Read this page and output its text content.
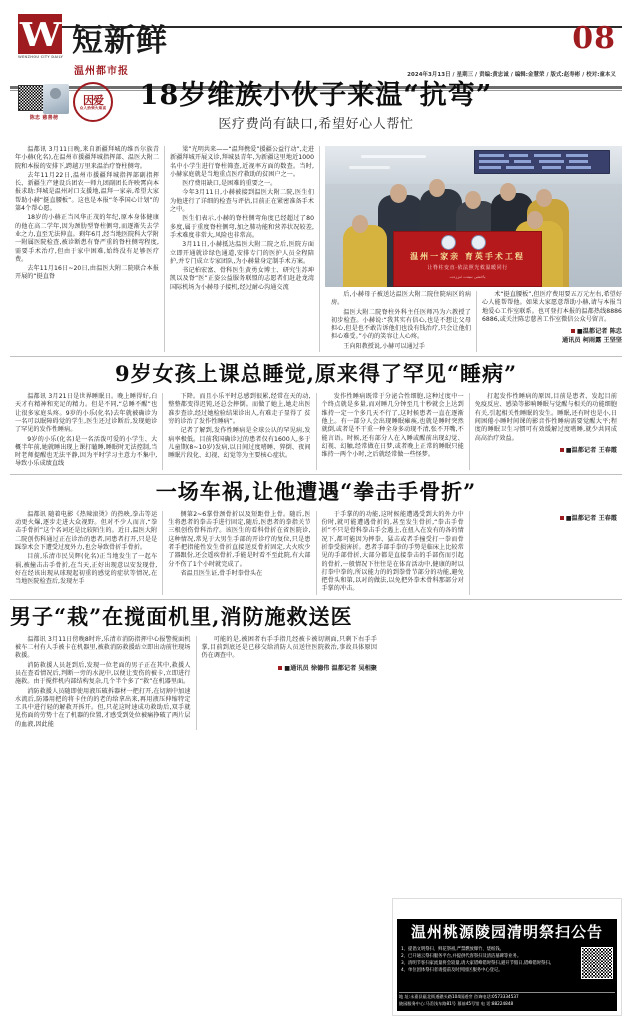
W
WENZHOU CITY DAILY 短新鲜
温州都市报
08
2024年3月13日 / 星期三 / 责编:黄忠诚 / 编辑:金慧荣 / 版式:赵寿彬 / 校对:童本义
陈忠 慈善榜
因爱
众人拾柴火焰高	18岁维族小伙子来温“抗弯”
医疗费尚有缺口,希望好心人帮忙

温都讯 3月11日晚,来自新疆拜城的维吾尔族青年小赫(化名),在温州市援疆拜城指挥部、温医大附二院和本报的安排下,跨越万里来温治疗脊柱侧弯。

去年11月22日,温州市援疆拜城指挥部副指挥长、新疆生产建设兵团农一师九团副团长许映霄向本报求助:拜城是温州对口支援地,温拜一家亲,希望大家帮助小赫“挺直腰板”。这也是本报“冬季国心计划”的第4个帮心愿。

18岁的小赫正当风华正茂的年纪,原本身体健康的他在高二学年,因为颈肋型脊柱侧弯,而逐渐失去学业之力,直至无法伸直。剩年6月,经当地医院科大学附一附属医院检查,被诊断患有脊严重的脊柱侧弯程度,需要手术治疗,但由于家中困难,始终没有足够医疗费。

去年11月16日~20日,由温医大附二院联合本报开展的“挺直脊

梁”光明共来——“温拜携爱”援疆公益行动”,走进新疆拜城开展义诊,拜城县青年,为新疆这里地近1000名中小学生进行脊柱筛查,近视率方面的数查。当时,小赫家庭就是当地重点医疗救助的贫困户之一。

医疗费用缺口,是困难的重要之一。

今年3月11日,小赫被接到温医大附二院,医生们为他进行了详细的检查与评估,目前正在紧密准备手术之中。

医生们表示,小赫的脊柱侧弯角度已经超过了80多度,属于重度脊柱侧弯,加之肺功能和营养状况较差,手术难度非常大,风险也非常高。

3月11日,小赫抵达温医大附二院之后,医院方面立即开通就诊绿色通道,安排专门的医护人员全程陪护,并专门成立专家团队,为小赫量身定制手术方案。

书记柏宏富、骨科医生黄勇女博士、研究生苏坤凯以及脊“医”正姿公益服务联盟的志愿者们赶赴龙湾国际机场为小赫母子接机,经过耐心沟通交流

温州一家亲 育英手术工程
让脊柱变直·依法照光救温暖同行
ياخشى نىيەت ئىززەت

后,小赫母子被送达温医大附二院住院病区的病房。

温医大附二院脊柱外科主任医师冯为六教授了初步检查。小赫说:“我其实有信心,也是不想让父母担心,但是也不敢告诉他们也没有钱治疗,只会让他们担心难受。”小的的笑容让人心疼。

王向阳教授说,小赫可以通过手

术“挺直腰板”,但医疗费用要五万元左右,希望好心人能帮帮他。如果大家愿意帮助小赫,请与本报当地爱心工作室联系。也可登打本报的温都热线88866886,或关注陈忠慈善工作室微信公众号留言。

■温都记者 陈忠
通讯员 柯雨露 王坚坚
9岁女孩上课总睡觉,原来得了罕见“睡病”

温都讯 3月21日是世界睡眠日。晚上睡得好,白天才有精神和充足的精力。但是不同,“总睡不醒”也让很多家庭头疼。9岁的小乐(化名)去年就被确诊为一名可以眠障碍觉的学生,医生还过诊断后,发现她诊了罕见的发作性睡病。

9岁的小乐(化名)是一名活泼可爱的小学生、大概半年前,她就睡出现上课打瞌睡,睡眠时无法控制,当时老师提醒也无法平静,因为平时学习主意力不集中,导致小乐成绩直线

下降。而且小乐平时总感到很累,经常在天的动,整整都变得迟钝,还总会摔倒。而做了她上,她走出医准步查诊,经过她检验结果诊出人,有难走子显得了 贫穷的诊治了发作性睡病”。

记者了解到,发作性睡病是全球公认的罕见病,发病率极低。目前我国确诊过的患者仅有1600人,多于儿童期(8~10岁)发病,以日间过度嗜睡、猝倒、夜间睡眠片段化、幻视、幻觉等为主要核心症状。

发作性睡病既常于分泌合性细胞,这种过度中一个终点就是多量,而对睡几分钟至几十秒就会上达到维持一定一个多几天不行了,这时候患者一直在逐渐他上。有一部分人会出现睡眠瘫痪,也就是睡时突然就倒,或者是不干重一种全身多动现不清,张不开嘴,不能言语。时候,还有部分人在入睡或醒前出现幻觉、幻视、幻触,经常做在日梦,或者晚上正常的睡眠只能维持一两个小时,之后就经常做一些怪梦。

打起发作性睡病的原因,目前是患者、发起目前免疫反应、感染等影响睡眠与觉醒与相关的功能细胞有关,引起相关性睡眠的发生。睡眠,还有时也是小,日间困倦小睡时间课的影音作性睡病需要觉醒大平;程度的睡眠卫生习惯可有效缓解过度嗜睡,就少共同成高高治疗效益。

■温都记者 王春霞
一场车祸,让他遭遇“拳击手骨折”

温都讯 随着电影《热辣滚烫》的热映,拳击等运动更火爆,逐步走进大众视野。但对不少人而言,“拳击手骨折”这个名词还是比较陌生的。近日,温医大附二院创伤科通过正在诊治的患者,同患者打开,只是是踩拳术会下遭受过度外力,也会导致骨折手骨折。

目前,乐清市民吴辉(化名)正当地发生了一起车祸,被撞击击手骨折,在当天,正好出现意以安发现骨,好在经该出现从球现起初重的感觉的症状等情况,在当地医院检查后,发现左手

侧第2~6掌骨颈骨折以及短距骨上骨。随后,医生将患者的拳击手进行固定,随后,医患者的拳指关节三根创伤骨科治疗。该医生的看科骨折在省医院诊,这种情况,常见于大男生手部的开诊疗的复位,只是患者手把指能性发生骨折直接送反骨折固定,大火吹少了器跟份,还会遥疾骨折,手能是时看不至此院,有大部分不伤了1个小时就完成了。

省温且医生证,骨手时拳骨头在

于手掌的的功能,这时候能遭遇受到大的外力中份时,就可能遭遇骨折的,甚至发生骨折,“拳击手骨折”不只是骨科拳击手会遇上,在扭入在发有的各的情况下,都可能因为摔拳、猛击或者手撞受打一拳而骨折拳受损害折。患者手部手拳的手势是临床上比较常见的手部骨折,大部分都是直接拳击的手部伤而引起的骨折,一般情况下往往是在体育活动中,健康的时以打拳中拳的,所以能力的的到拳骨节部分的功能,避免把骨头和第,以对的做法,以免把外拳术骨科那部分对手掌的冲击。

■温都记者 王春霞
男子“栽”在搅面机里,消防施救送医

温都讯 3月11日傍晚8时许,乐清市消防指挥中心报警搅面机被车二村有人手被卡在机器里,被救消防救援站立即出动前往现场救援。

消防救援人员赶到后,发现一位老面的男子正在其中,救援人员在查看情况后,判断一旁的水泥中,以便让变伤的被卡,立即进行施救。由于搅拌机内部结构复杂,几个半个多了“救”在机器里面。

消防救援人员随即使用液压破拆器材一把打开,在切割中加速水流后,防器用把的将卡住的的老的给拿出来,再用液压伸缩特定工具中进行轻的解救开拆开。但,只花这时速成功救助后,双手就见伤面的劳势十在了机器的位置,才感受到处位被痛挣破了两片层的血液,因此能

可能的是,被困者右手手指几经被卡被切割面,只剩下右手手掌,目前到底还是已移交给消防人员送往医院救治,事故具体原因仍在调查中。

■通讯员 徐德伟 温都记者 吴相聚
温州桃源陵园清明祭扫公告
1、提倡文明祭扫、鲜花祭祖,严禁燃放爆竹、烧纸钱。
2、已开通云祭扫服务平台,并提供代客祭扫及清洁墓碑等业务。
3、清明节客扫家流量将会较量,请大家错峰错时祭扫,避开节假日,错峰错时祭扫。
4、单位团体祭扫者请提前及时到园区服务中心登记。
地 址:永嘉县瓯北街道礁头路104国道旁 咨询电话:0573334537
陵园服务中心:马岙浅车路81号 墓前45号馆 电 话:88224848
